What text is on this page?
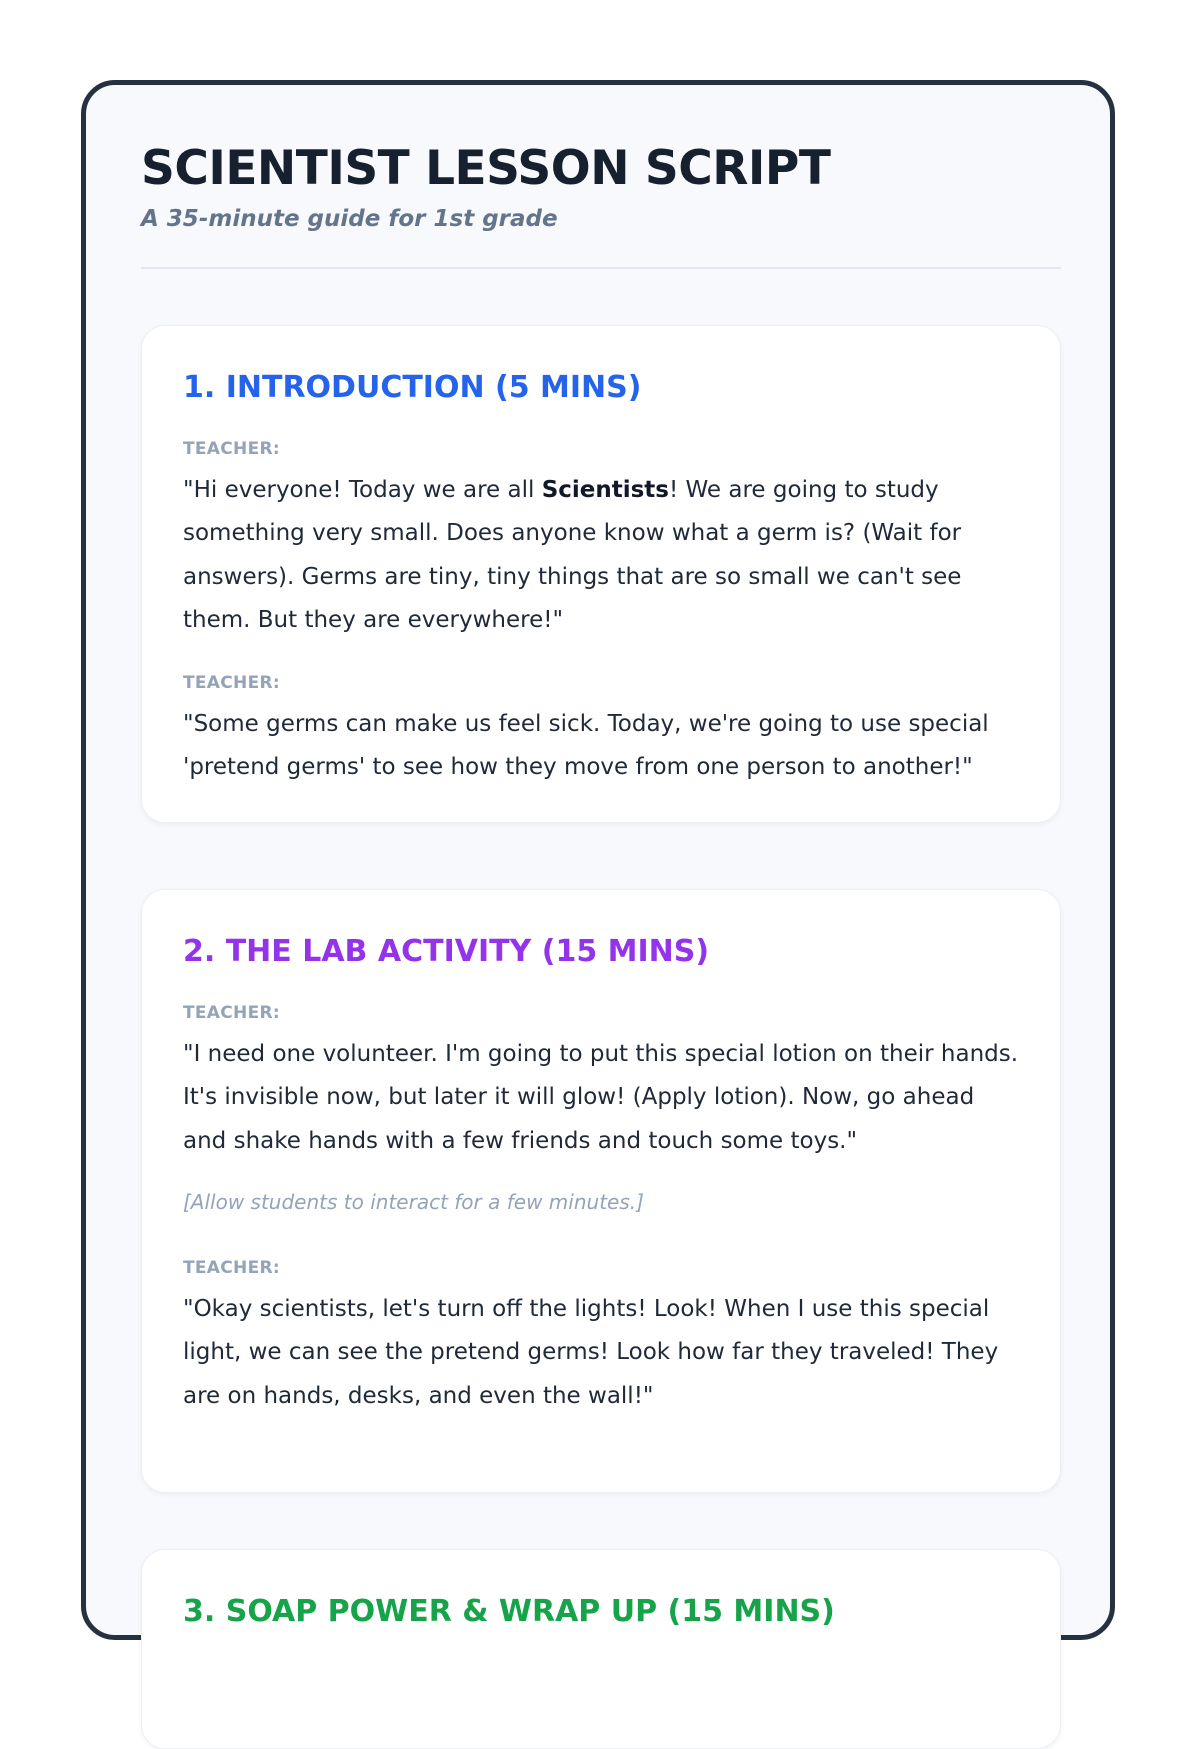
SCIENTIST LESSON SCRIPT

A 35-minute guide for 1st grade

1. INTRODUCTION (5 MINS)

TEACHER:

"Hi everyone! Today we are all Scientists! We are going to study something very small. Does anyone know what a germ is? (Wait for answers). Germs are tiny, tiny things that are so small we can't see them. But they are everywhere!"

TEACHER:

"Some germs can make us feel sick. Today, we're going to use special 'pretend germs' to see how they move from one person to another!"

2. THE LAB ACTIVITY (15 MINS)

TEACHER:

"I need one volunteer. I'm going to put this special lotion on their hands. It's invisible now, but later it will glow! (Apply lotion). Now, go ahead and shake hands with a few friends and touch some toys."

[Allow students to interact for a few minutes.]

TEACHER:

"Okay scientists, let's turn off the lights! Look! When I use this special light, we can see the pretend germs! Look how far they traveled! They are on hands, desks, and even the wall!"

3. SOAP POWER & WRAP UP (15 MINS)
